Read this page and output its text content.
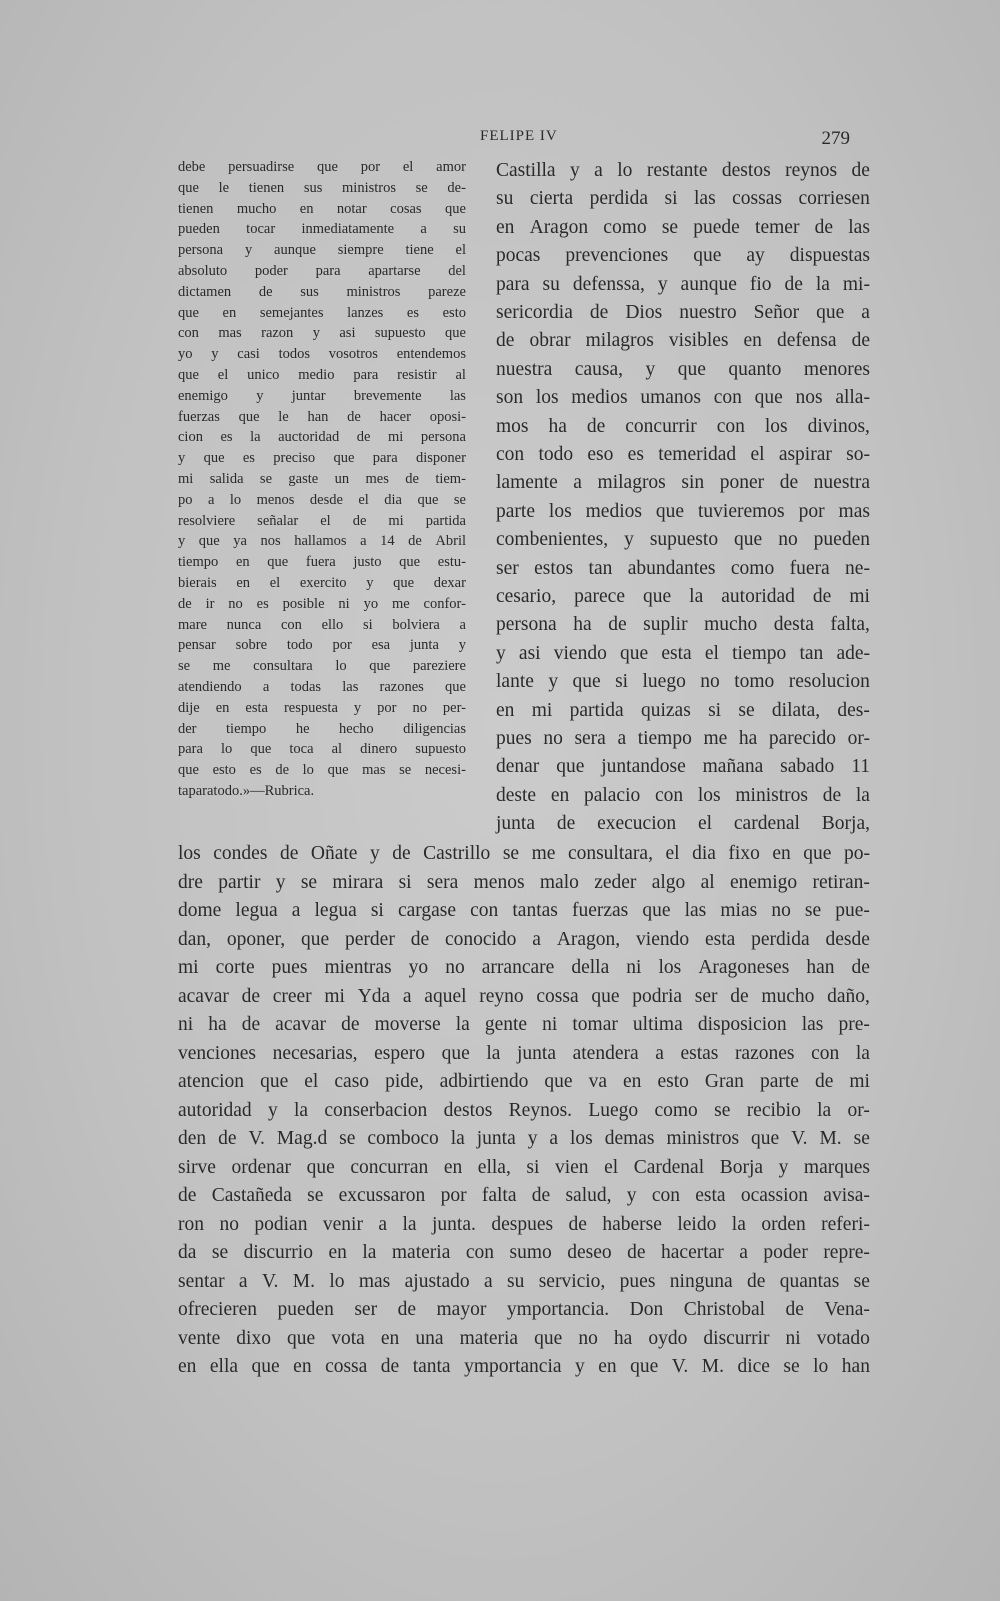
FELIPE IV	279
debe persuadirse que por el amor
que le tienen sus ministros se de-
tienen mucho en notar cosas que
pueden tocar inmediatamente a su
persona y aunque siempre tiene el
absoluto poder para apartarse del
dictamen de sus ministros pareze
que en semejantes lanzes es esto
con mas razon y asi supuesto que
yo y casi todos vosotros entendemos
que el unico medio para resistir al
enemigo y juntar brevemente las
fuerzas que le han de hacer oposi-
cion es la auctoridad de mi persona
y que es preciso que para disponer
mi salida se gaste un mes de tiem-
po a lo menos desde el dia que se
resolviere señalar el de mi partida
y que ya nos hallamos a 14 de Abril
tiempo en que fuera justo que estu-
bierais en el exercito y que dexar
de ir no es posible ni yo me confor-
mare nunca con ello si bolviera a
pensar sobre todo por esa junta y
se me consultara lo que pareziere
atendiendo a todas las razones que
dije en esta respuesta y por no per-
der tiempo he hecho diligencias
para lo que toca al dinero supuesto
que esto es de lo que mas se necesi-
ta para todo.»—Rubrica.
Castilla y a lo restante destos reynos de
su cierta perdida si las cossas corriesen
en Aragon como se puede temer de las
pocas prevenciones que ay dispuestas
para su defenssa, y aunque fio de la mi-
sericordia de Dios nuestro Señor que a
de obrar milagros visibles en defensa de
nuestra causa, y que quanto menores
son los medios umanos con que nos alla-
mos ha de concurrir con los divinos,
con todo eso es temeridad el aspirar so-
lamente a milagros sin poner de nuestra
parte los medios que tuvieremos por mas
combenientes, y supuesto que no pueden
ser estos tan abundantes como fuera ne-
cesario, parece que la autoridad de mi
persona ha de suplir mucho desta falta,
y asi viendo que esta el tiempo tan ade-
lante y que si luego no tomo resolucion
en mi partida quizas si se dilata, des-
pues no sera a tiempo me ha parecido or-
denar que juntandose mañana sabado 11
deste en palacio con los ministros de la
junta de execucion el cardenal Borja,
los condes de Oñate y de Castrillo se me consultara, el dia fixo en que po-
dre partir y se mirara si sera menos malo zeder algo al enemigo retiran-
dome legua a legua si cargase con tantas fuerzas que las mias no se pue-
dan, oponer, que perder de conocido a Aragon, viendo esta perdida desde
mi corte pues mientras yo no arrancare della ni los Aragoneses han de
acavar de creer mi Yda a aquel reyno cossa que podria ser de mucho daño,
ni ha de acavar de moverse la gente ni tomar ultima disposicion las pre-
venciones necesarias, espero que la junta atendera a estas razones con la
atencion que el caso pide, adbirtiendo que va en esto Gran parte de mi
autoridad y la conserbacion destos Reynos. Luego como se recibio la or-
den de V. Mag.d se comboco la junta y a los demas ministros que V. M. se
sirve ordenar que concurran en ella, si vien el Cardenal Borja y marques
de Castañeda se excussaron por falta de salud, y con esta ocassion avisa-
ron no podian venir a la junta. despues de haberse leido la orden referi-
da se discurrio en la materia con sumo deseo de hacertar a poder repre-
sentar a V. M. lo mas ajustado a su servicio, pues ninguna de quantas se
ofrecieren pueden ser de mayor ymportancia. Don Christobal de Vena-
vente dixo que vota en una materia que no ha oydo discurrir ni votado
en ella que en cossa de tanta ymportancia y en que V. M. dice se lo han
